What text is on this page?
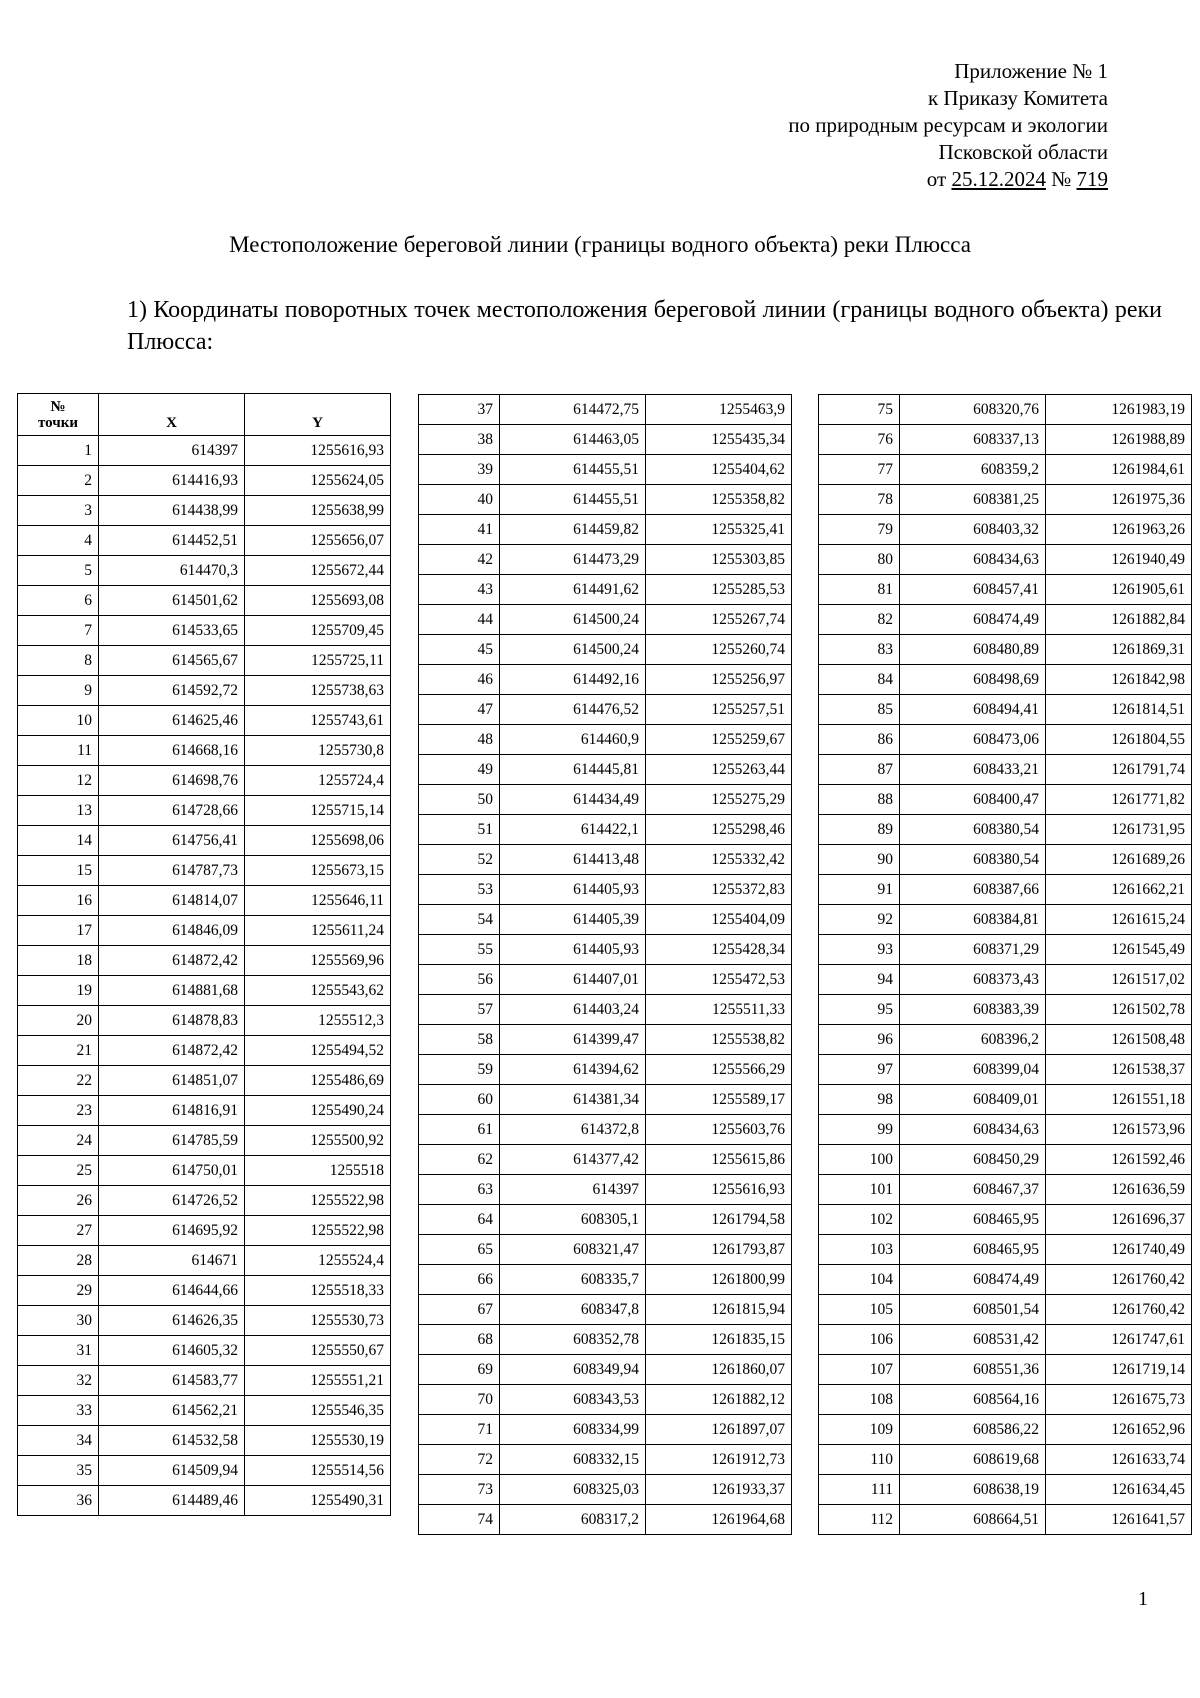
Приложение № 1
к Приказу Комитета
по природным ресурсам и экологии
Псковской области
от 25.12.2024 № 719
Местоположение береговой линии (границы водного объекта) реки Плюсса
1) Координаты поворотных точек местоположения береговой линии (границы водного объекта) реки Плюсса:
№
точки	X	Y
1	614397	1255616,93
2	614416,93	1255624,05
3	614438,99	1255638,99
4	614452,51	1255656,07
5	614470,3	1255672,44
6	614501,62	1255693,08
7	614533,65	1255709,45
8	614565,67	1255725,11
9	614592,72	1255738,63
10	614625,46	1255743,61
11	614668,16	1255730,8
12	614698,76	1255724,4
13	614728,66	1255715,14
14	614756,41	1255698,06
15	614787,73	1255673,15
16	614814,07	1255646,11
17	614846,09	1255611,24
18	614872,42	1255569,96
19	614881,68	1255543,62
20	614878,83	1255512,3
21	614872,42	1255494,52
22	614851,07	1255486,69
23	614816,91	1255490,24
24	614785,59	1255500,92
25	614750,01	1255518
26	614726,52	1255522,98
27	614695,92	1255522,98
28	614671	1255524,4
29	614644,66	1255518,33
30	614626,35	1255530,73
31	614605,32	1255550,67
32	614583,77	1255551,21
33	614562,21	1255546,35
34	614532,58	1255530,19
35	614509,94	1255514,56
36	614489,46	1255490,31
37	614472,75	1255463,9
38	614463,05	1255435,34
39	614455,51	1255404,62
40	614455,51	1255358,82
41	614459,82	1255325,41
42	614473,29	1255303,85
43	614491,62	1255285,53
44	614500,24	1255267,74
45	614500,24	1255260,74
46	614492,16	1255256,97
47	614476,52	1255257,51
48	614460,9	1255259,67
49	614445,81	1255263,44
50	614434,49	1255275,29
51	614422,1	1255298,46
52	614413,48	1255332,42
53	614405,93	1255372,83
54	614405,39	1255404,09
55	614405,93	1255428,34
56	614407,01	1255472,53
57	614403,24	1255511,33
58	614399,47	1255538,82
59	614394,62	1255566,29
60	614381,34	1255589,17
61	614372,8	1255603,76
62	614377,42	1255615,86
63	614397	1255616,93
64	608305,1	1261794,58
65	608321,47	1261793,87
66	608335,7	1261800,99
67	608347,8	1261815,94
68	608352,78	1261835,15
69	608349,94	1261860,07
70	608343,53	1261882,12
71	608334,99	1261897,07
72	608332,15	1261912,73
73	608325,03	1261933,37
74	608317,2	1261964,68
75	608320,76	1261983,19
76	608337,13	1261988,89
77	608359,2	1261984,61
78	608381,25	1261975,36
79	608403,32	1261963,26
80	608434,63	1261940,49
81	608457,41	1261905,61
82	608474,49	1261882,84
83	608480,89	1261869,31
84	608498,69	1261842,98
85	608494,41	1261814,51
86	608473,06	1261804,55
87	608433,21	1261791,74
88	608400,47	1261771,82
89	608380,54	1261731,95
90	608380,54	1261689,26
91	608387,66	1261662,21
92	608384,81	1261615,24
93	608371,29	1261545,49
94	608373,43	1261517,02
95	608383,39	1261502,78
96	608396,2	1261508,48
97	608399,04	1261538,37
98	608409,01	1261551,18
99	608434,63	1261573,96
100	608450,29	1261592,46
101	608467,37	1261636,59
102	608465,95	1261696,37
103	608465,95	1261740,49
104	608474,49	1261760,42
105	608501,54	1261760,42
106	608531,42	1261747,61
107	608551,36	1261719,14
108	608564,16	1261675,73
109	608586,22	1261652,96
110	608619,68	1261633,74
111	608638,19	1261634,45
112	608664,51	1261641,57
1
